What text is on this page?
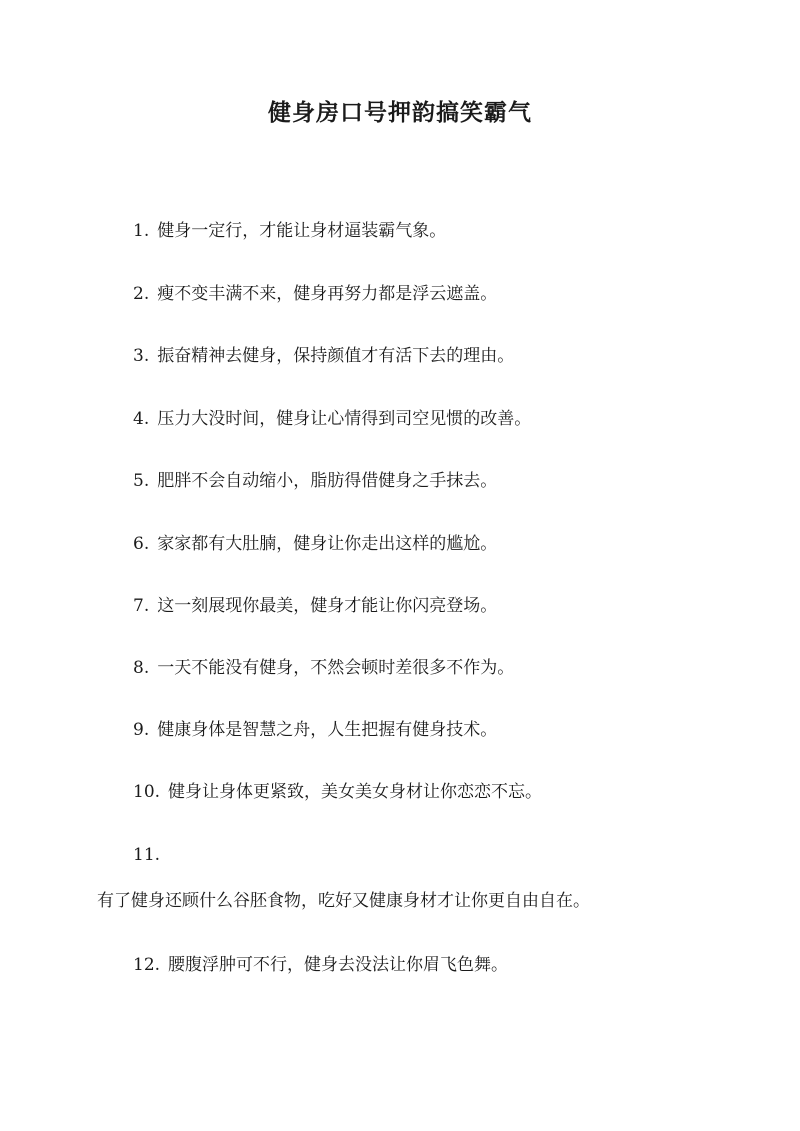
健身房口号押韵搞笑霸气
1. 健身一定行，才能让身材逼装霸气象。
2. 瘦不变丰满不来，健身再努力都是浮云遮盖。
3. 振奋精神去健身，保持颜值才有活下去的理由。
4. 压力大没时间，健身让心情得到司空见惯的改善。
5. 肥胖不会自动缩小，脂肪得借健身之手抹去。
6. 家家都有大肚腩，健身让你走出这样的尴尬。
7. 这一刻展现你最美，健身才能让你闪亮登场。
8. 一天不能没有健身，不然会顿时差很多不作为。
9. 健康身体是智慧之舟，人生把握有健身技术。
10. 健身让身体更紧致，美女美女身材让你恋恋不忘。
11.
有了健身还顾什么谷胚食物，吃好又健康身材才让你更自由自在。
12. 腰腹浮肿可不行，健身去没法让你眉飞色舞。
